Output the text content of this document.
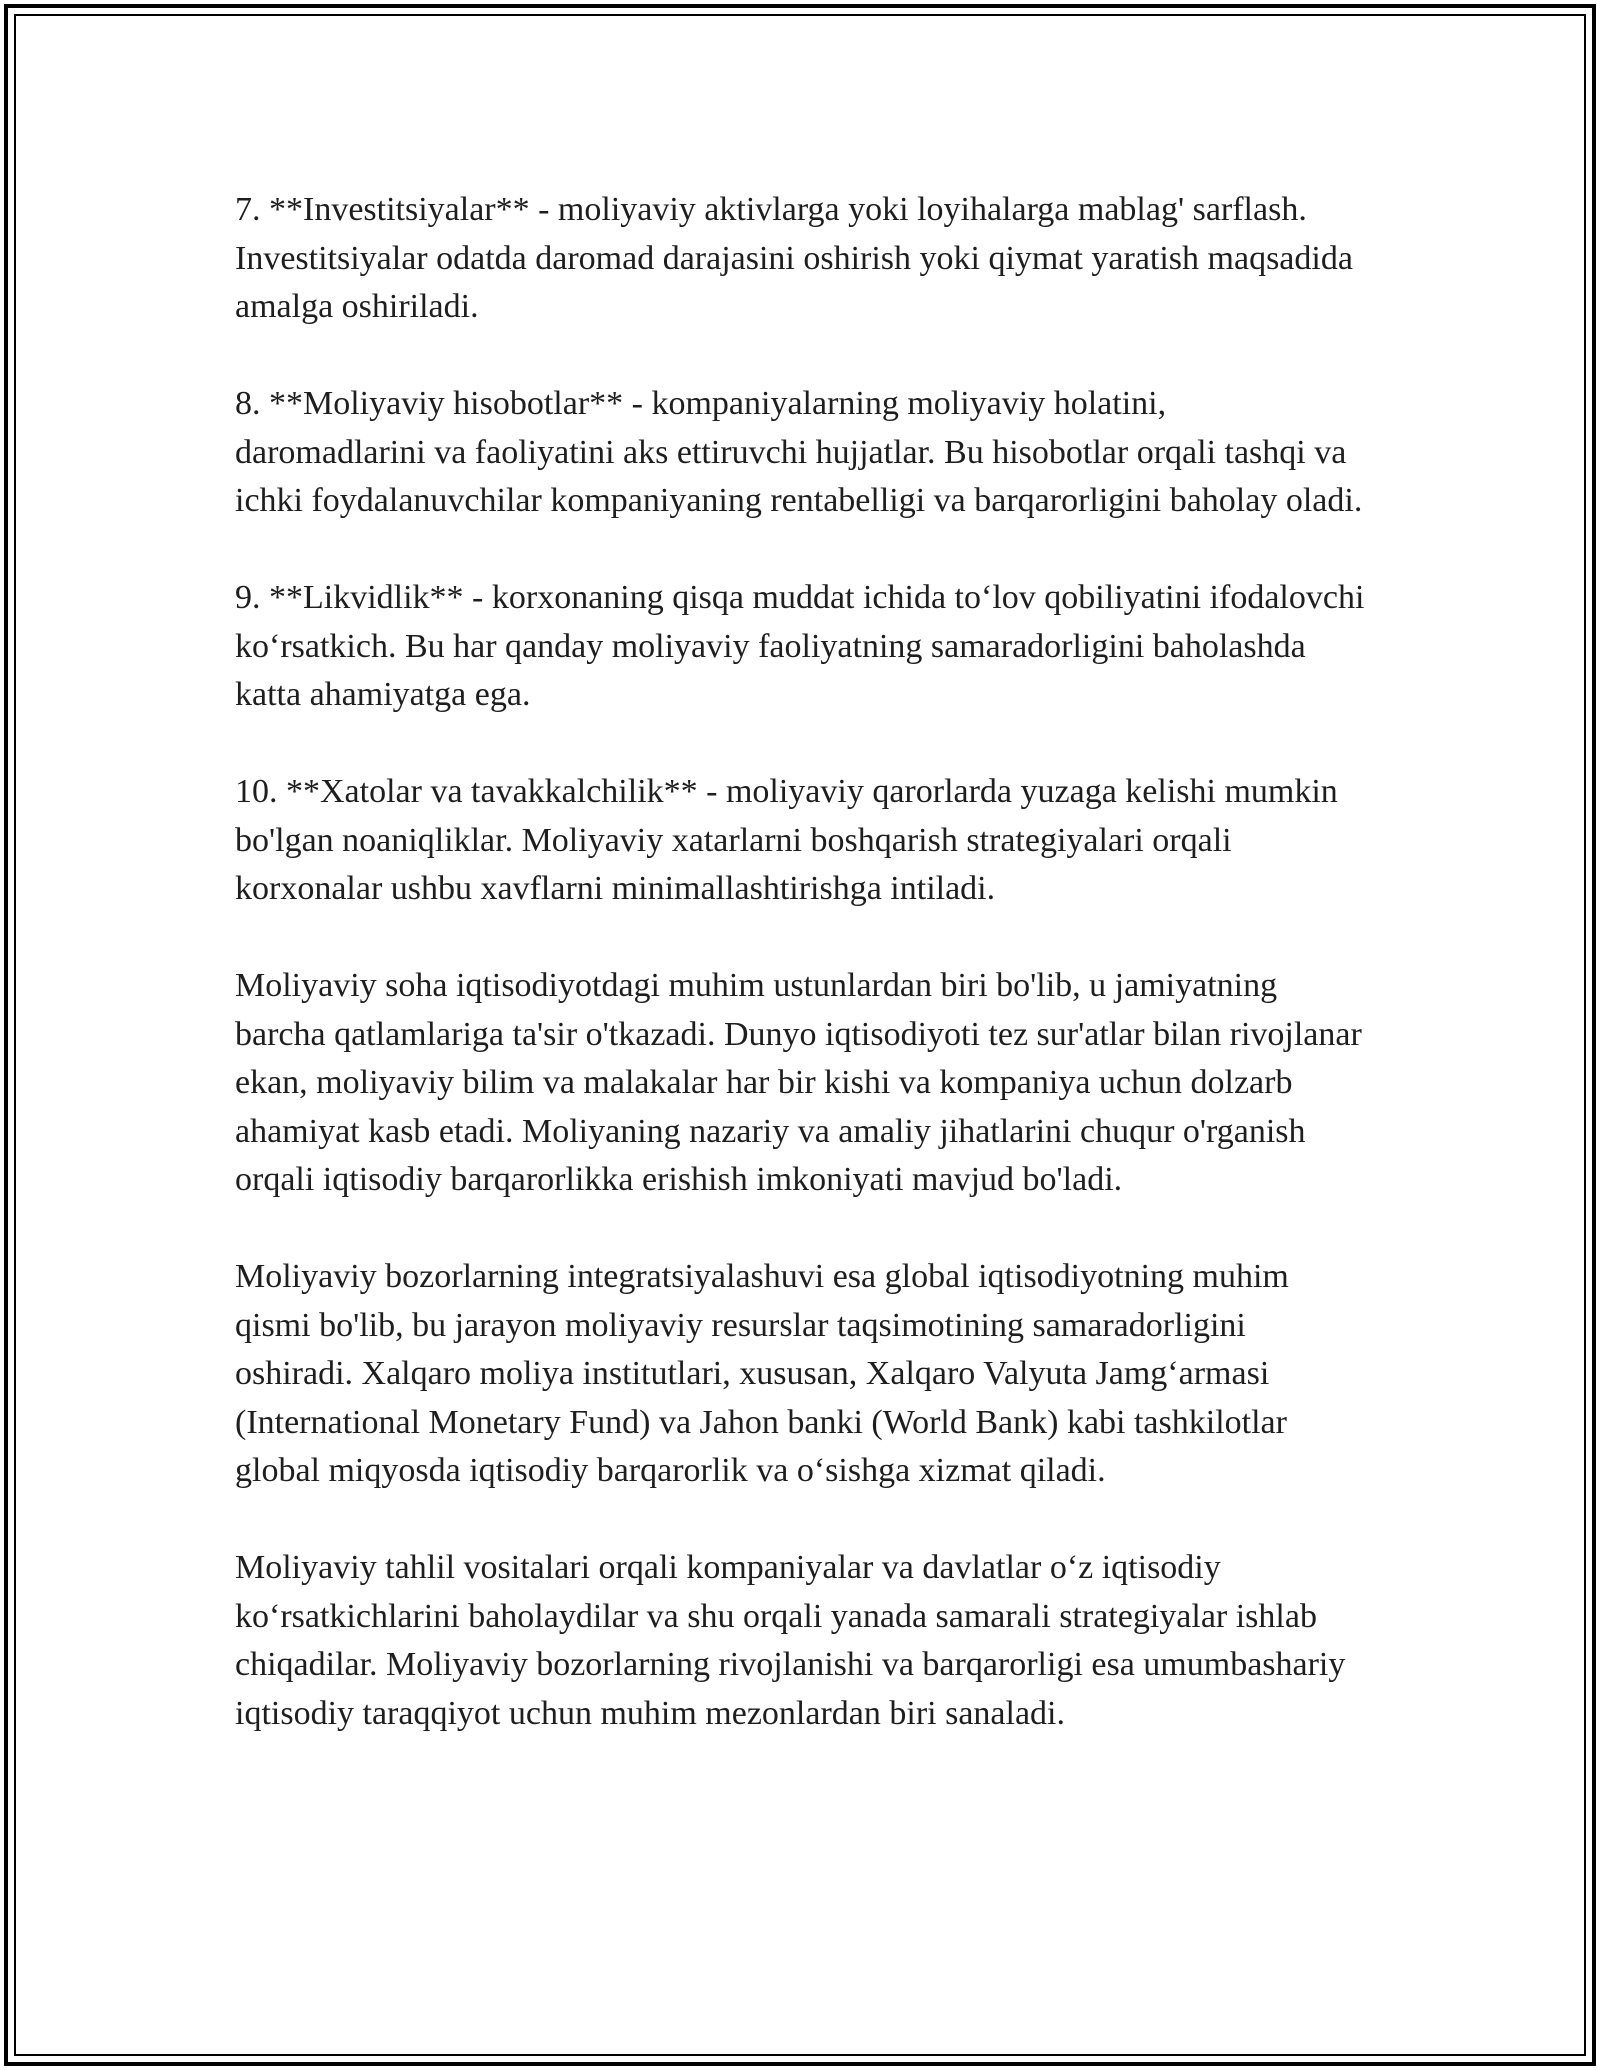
7. **Investitsiyalar** - moliyaviy aktivlarga yoki loyihalarga mablag' sarflash. Investitsiyalar odatda daromad darajasini oshirish yoki qiymat yaratish maqsadida amalga oshiriladi.

8. **Moliyaviy hisobotlar** - kompaniyalarning moliyaviy holatini, daromadlarini va faoliyatini aks ettiruvchi hujjatlar. Bu hisobotlar orqali tashqi va ichki foydalanuvchilar kompaniyaning rentabelligi va barqarorligini baholay oladi.

9. **Likvidlik** - korxonaning qisqa muddat ichida to‘lov qobiliyatini ifodalovchi ko‘rsatkich. Bu har qanday moliyaviy faoliyatning samaradorligini baholashda katta ahamiyatga ega.

10. **Xatolar va tavakkalchilik** - moliyaviy qarorlarda yuzaga kelishi mumkin bo'lgan noaniqliklar. Moliyaviy xatarlarni boshqarish strategiyalari orqali korxonalar ushbu xavflarni minimallashtirishga intiladi.

Moliyaviy soha iqtisodiyotdagi muhim ustunlardan biri bo'lib, u jamiyatning barcha qatlamlariga ta'sir o'tkazadi. Dunyo iqtisodiyoti tez sur'atlar bilan rivojlanar ekan, moliyaviy bilim va malakalar har bir kishi va kompaniya uchun dolzarb ahamiyat kasb etadi. Moliyaning nazariy va amaliy jihatlarini chuqur o'rganish orqali iqtisodiy barqarorlikka erishish imkoniyati mavjud bo'ladi.

Moliyaviy bozorlarning integratsiyalashuvi esa global iqtisodiyotning muhim qismi bo'lib, bu jarayon moliyaviy resurslar taqsimotining samaradorligini oshiradi. Xalqaro moliya institutlari, xususan, Xalqaro Valyuta Jamg‘armasi (International Monetary Fund) va Jahon banki (World Bank) kabi tashkilotlar global miqyosda iqtisodiy barqarorlik va o‘sishga xizmat qiladi.

Moliyaviy tahlil vositalari orqali kompaniyalar va davlatlar o‘z iqtisodiy ko‘rsatkichlarini baholaydilar va shu orqali yanada samarali strategiyalar ishlab chiqadilar. Moliyaviy bozorlarning rivojlanishi va barqarorligi esa umumbashariy iqtisodiy taraqqiyot uchun muhim mezonlardan biri sanaladi.
